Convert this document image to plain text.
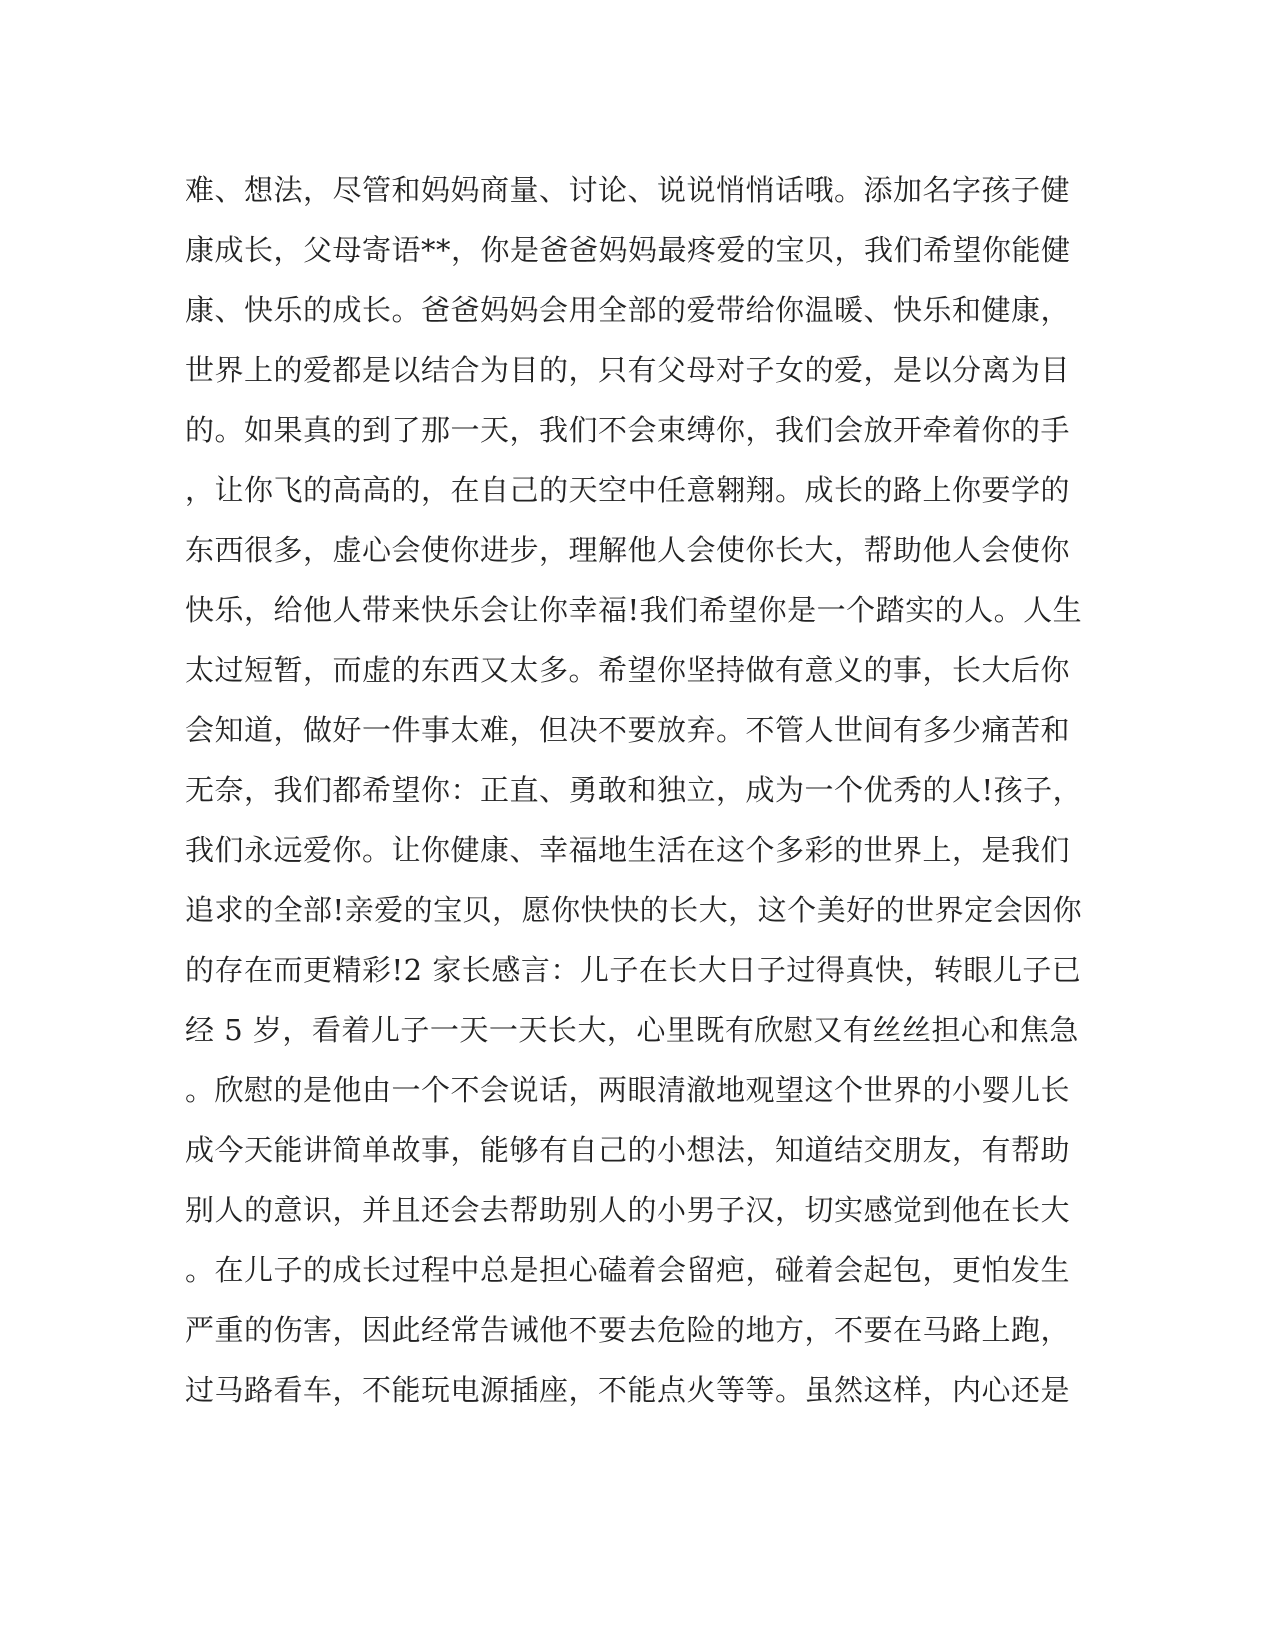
难、想法，尽管和妈妈商量、讨论、说说悄悄话哦。添加名字孩子健
康成长，父母寄语**，你是爸爸妈妈最疼爱的宝贝，我们希望你能健
康、快乐的成长。爸爸妈妈会用全部的爱带给你温暖、快乐和健康，
世界上的爱都是以结合为目的，只有父母对子女的爱，是以分离为目
的。如果真的到了那一天，我们不会束缚你，我们会放开牵着你的手
，让你飞的高高的，在自己的天空中任意翱翔。成长的路上你要学的
东西很多，虚心会使你进步，理解他人会使你长大，帮助他人会使你
快乐，给他人带来快乐会让你幸福!我们希望你是一个踏实的人。人生
太过短暂，而虚的东西又太多。希望你坚持做有意义的事，长大后你
会知道，做好一件事太难，但决不要放弃。不管人世间有多少痛苦和
无奈，我们都希望你：正直、勇敢和独立，成为一个优秀的人!孩子，
我们永远爱你。让你健康、幸福地生活在这个多彩的世界上，是我们
追求的全部!亲爱的宝贝，愿你快快的长大，这个美好的世界定会因你
的存在而更精彩!2 家长感言：儿子在长大日子过得真快，转眼儿子已
经 5 岁，看着儿子一天一天长大，心里既有欣慰又有丝丝担心和焦急
。欣慰的是他由一个不会说话，两眼清澈地观望这个世界的小婴儿长
成今天能讲简单故事，能够有自己的小想法，知道结交朋友，有帮助
别人的意识，并且还会去帮助别人的小男子汉，切实感觉到他在长大
。在儿子的成长过程中总是担心磕着会留疤，碰着会起包，更怕发生
严重的伤害，因此经常告诫他不要去危险的地方，不要在马路上跑，
过马路看车，不能玩电源插座，不能点火等等。虽然这样，内心还是
